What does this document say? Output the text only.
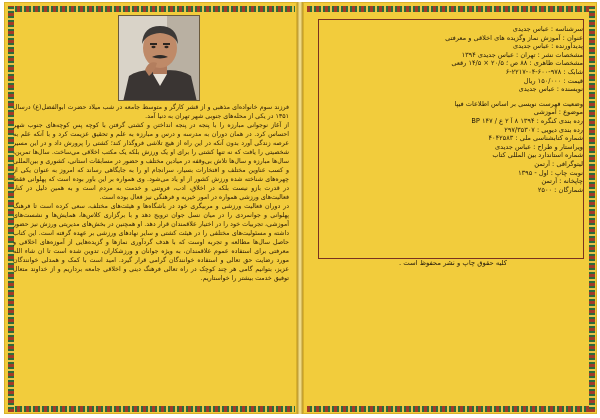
فرزند سوم خانواده‌ای مذهبی و از قشر کارگر و متوسط جامعه در شب میلاد حضرت ابوالفضل(ع) درسال ۱۳۵۱ در یکی از محله‌های جنوبی شهر تهران به دنیا آمد.

از آغاز نوجوانی مبارزه را با پنجه در پنجه انداختن و کشتی گرفتن با کوچه پس کوچه‌های جنوب شهر احساس کرد. در همان دوران به مدرسه و درس و مبارزه به علم و تحقیق عزیمت کرد و با آنکه علم به عرصه زندگی آورد بدون آنکه در این راه از هیچ تلاشی فروگذار کند؛ کشتی را پرورش داد و در این مسیر شخصیتی را یافت که نه تنها کشتی را برای او یک ورزش بلکه یک مکتب اخلاقی می‌ساخت. سال‌ها تمرین، سال‌ها مبارزه و سال‌ها تلاش بی‌وقفه در میادین مختلف و حضور در مسابقات استانی، کشوری و بین‌المللی و کسب عناوین مختلف و افتخارات بسیار، سرانجام او را به جایگاهی رساند که امروز به عنوان یکی از چهره‌های شناخته شده ورزش کشور از او یاد می‌شود. وی همواره بر این باور بوده است که پهلوانی فقط در قدرت بازو نیست بلکه در اخلاق، ادب، فروتنی و خدمت به مردم است و به همین دلیل در کنار فعالیت‌های ورزشی همواره در امور خیریه و فرهنگی نیز فعال بوده است.

در دوران فعالیت ورزشی و مربیگری خود در باشگاه‌ها و هیئت‌های مختلف، سعی کرده است تا فرهنگ پهلوانی و جوانمردی را در میان نسل جوان ترویج دهد و با برگزاری کلاس‌ها، همایش‌ها و نشست‌های آموزشی، تجربیات خود را در اختیار علاقمندان قرار دهد. او همچنین در بخش‌های مدیریتی ورزش نیز حضور داشته و مسئولیت‌های مختلفی را در هیئت کشتی و سایر نهادهای ورزشی بر عهده گرفته است. این کتاب حاصل سال‌ها مطالعه و تجربه اوست که با هدف گردآوری نمازها و گزیده‌هایی از آموزه‌های اخلاقی و معرفتی برای استفاده عموم علاقمندان، به ویژه جوانان و ورزشکاران، تدوین شده است تا ان شاء الله مورد رضایت حق تعالی و استفاده خوانندگان گرامی قرار گیرد. امید است با کمک و همدلی خوانندگان عزیز، بتوانیم گامی هر چند کوچک در راه تعالی فرهنگ دینی و اخلاقی جامعه برداریم و از خداوند متعال توفیق خدمت بیشتر را خواستاریم.

سرشناسه : عباس جدیدی
عنوان : آموزش نماز وگزیده های اخلاقی و معرفتی
پدیدآورنده : عباس جدیدی
مشخصات نشر : تهران : عباس جدیدی ۱۳۹۴
مشخصات ظاهری : ۸۸ ص ؛ ۲۰/۵ × ۱۴/۵ رقعی
شابک : ۹۷۸-۶۰۰-۰۴-۲۲۱۷-۶
قیمت : ۱۵۰/۰۰۰ ریال
نویسنده : عباس جدیدی
وضعیت فهرست نویسی بر اساس اطلاعات فیپا
موضوع : آموزشی
رده بندی کنگره : ۱۳۹۴ ۸ آ ۲ ع / ۱۴۷ BP
رده بندی دیویی : ۲۹۷/۳۵۳۰۷
شماره کتابشناسی ملی : ۴۰۴۲۵۸۳
ویراستار و طراح : عباس جدیدی
شماره استاندارد بین المللی کتاب
لیتوگرافی : آرتمن
نوبت چاپ : اول - ۱۳۹۵
چاپخانه : آرتمن
شمارگان : ۲۵۰۰
کلیه حقوق چاپ و نشر محفوظ است .
